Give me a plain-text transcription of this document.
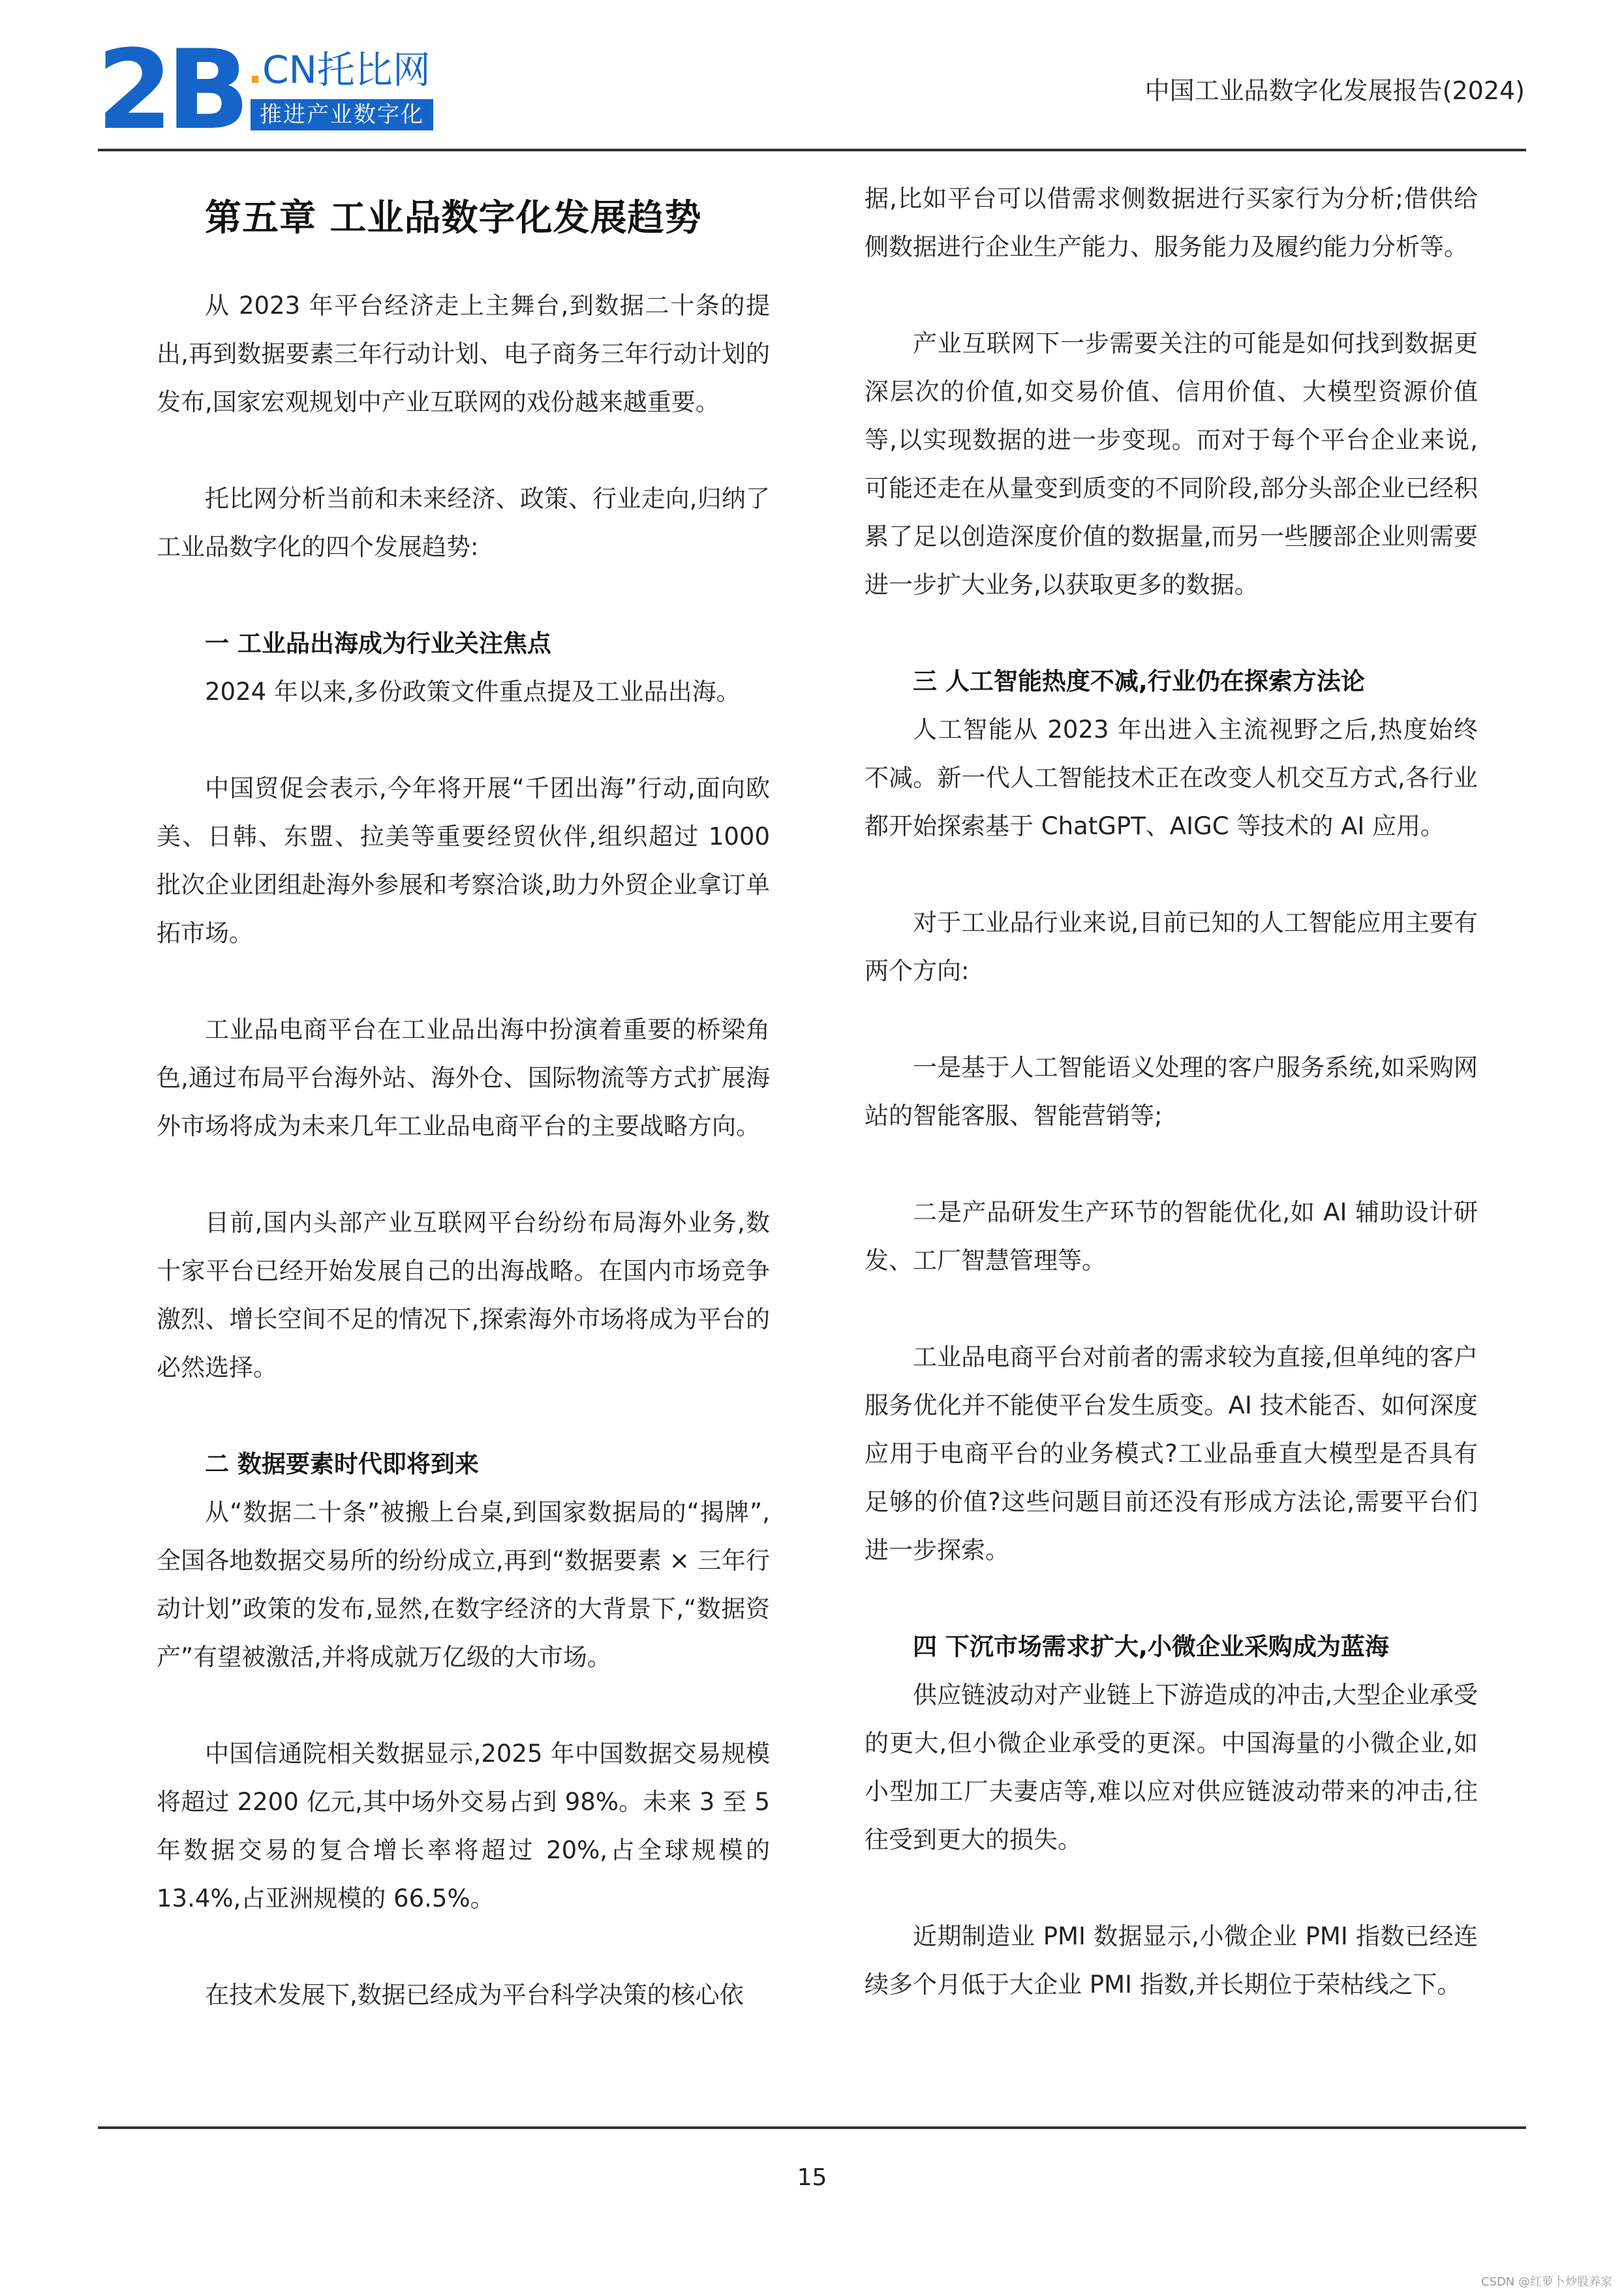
2B .CN托比网
推进产业数字化
中国工业品数字化发展报告(2024)
第五章 工业品数字化发展趋势

从 2023 年平台经济走上主舞台,到数据二十条的提出,再到数据要素三年行动计划、电子商务三年行动计划的发布,国家宏观规划中产业互联网的戏份越来越重要。

托比网分析当前和未来经济、政策、行业走向,归纳了工业品数字化的四个发展趋势:

一 工业品出海成为行业关注焦点

2024 年以来,多份政策文件重点提及工业品出海。

中国贸促会表示,今年将开展“千团出海”行动,面向欧美、日韩、东盟、拉美等重要经贸伙伴,组织超过 1000 批次企业团组赴海外参展和考察洽谈,助力外贸企业拿订单拓市场。

工业品电商平台在工业品出海中扮演着重要的桥梁角色,通过布局平台海外站、海外仓、国际物流等方式扩展海外市场将成为未来几年工业品电商平台的主要战略方向。

目前,国内头部产业互联网平台纷纷布局海外业务,数十家平台已经开始发展自己的出海战略。在国内市场竞争激烈、增长空间不足的情况下,探索海外市场将成为平台的必然选择。

二 数据要素时代即将到来

从“数据二十条”被搬上台桌,到国家数据局的“揭牌”,全国各地数据交易所的纷纷成立,再到“数据要素 × 三年行动计划”政策的发布,显然,在数字经济的大背景下,“数据资产”有望被激活,并将成就万亿级的大市场。

中国信通院相关数据显示,2025 年中国数据交易规模将超过 2200 亿元,其中场外交易占到 98%。未来 3 至 5 年数据交易的复合增长率将超过 20%,占全球规模的 13.4%,占亚洲规模的 66.5%。

在技术发展下,数据已经成为平台科学决策的核心依

据,比如平台可以借需求侧数据进行买家行为分析;借供给侧数据进行企业生产能力、服务能力及履约能力分析等。

产业互联网下一步需要关注的可能是如何找到数据更深层次的价值,如交易价值、信用价值、大模型资源价值等,以实现数据的进一步变现。而对于每个平台企业来说,可能还走在从量变到质变的不同阶段,部分头部企业已经积累了足以创造深度价值的数据量,而另一些腰部企业则需要进一步扩大业务,以获取更多的数据。

三 人工智能热度不减,行业仍在探索方法论

人工智能从 2023 年出进入主流视野之后,热度始终不减。新一代人工智能技术正在改变人机交互方式,各行业都开始探索基于 ChatGPT、AIGC 等技术的 AI 应用。

对于工业品行业来说,目前已知的人工智能应用主要有两个方向:

一是基于人工智能语义处理的客户服务系统,如采购网站的智能客服、智能营销等;

二是产品研发生产环节的智能优化,如 AI 辅助设计研发、工厂智慧管理等。

工业品电商平台对前者的需求较为直接,但单纯的客户服务优化并不能使平台发生质变。AI 技术能否、如何深度应用于电商平台的业务模式?工业品垂直大模型是否具有足够的价值?这些问题目前还没有形成方法论,需要平台们进一步探索。

四 下沉市场需求扩大,小微企业采购成为蓝海

供应链波动对产业链上下游造成的冲击,大型企业承受的更大,但小微企业承受的更深。中国海量的小微企业,如小型加工厂夫妻店等,难以应对供应链波动带来的冲击,往往受到更大的损失。

近期制造业 PMI 数据显示,小微企业 PMI 指数已经连续多个月低于大企业 PMI 指数,并长期位于荣枯线之下。

15
CSDN @红萝卜炒股养家
